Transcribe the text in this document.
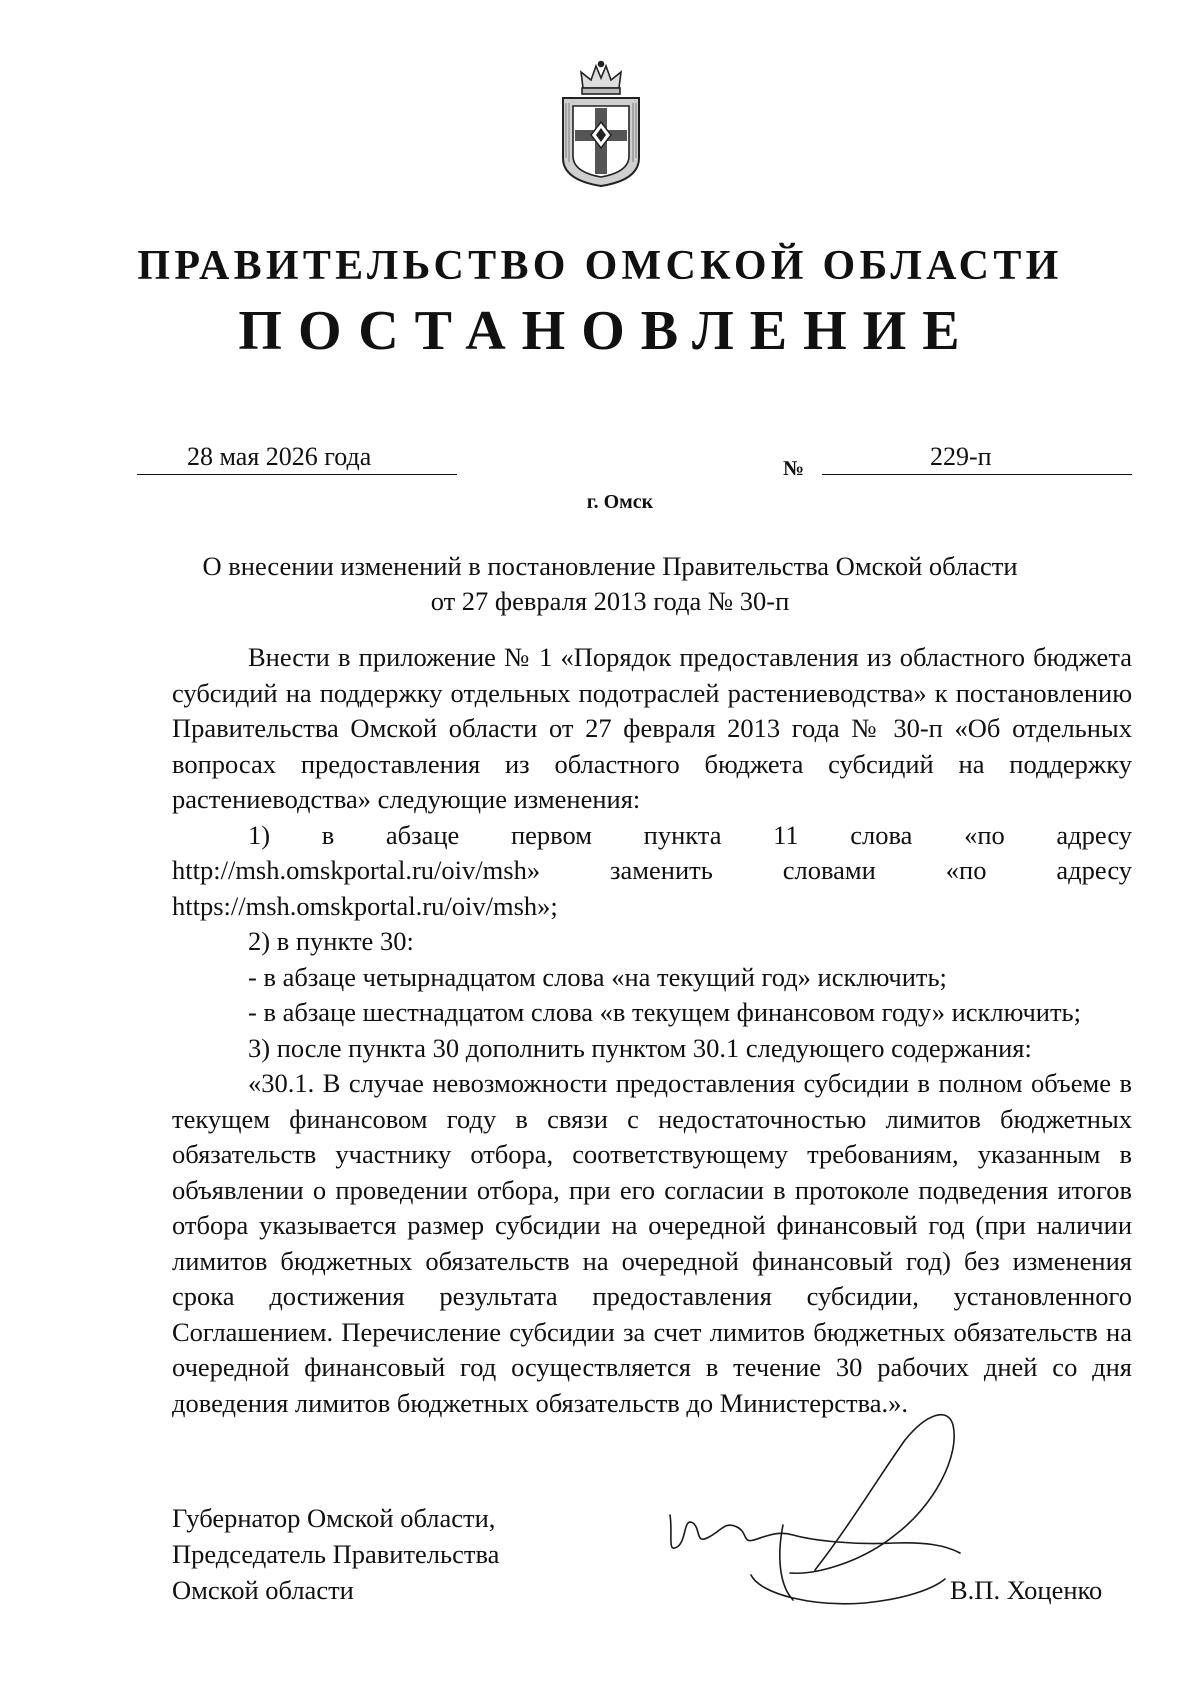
ПРАВИТЕЛЬСТВО ОМСКОЙ ОБЛАСТИ
ПОСТАНОВЛЕНИЕ
28 мая 2026 года	№	229-п
г. Омск
О внесении изменений в постановление Правительства Омской области
от 27 февраля 2013 года № 30-п

Внести в приложение № 1 «Порядок предоставления из областного бюджета субсидий на поддержку отдельных подотраслей растениеводства» к постановлению Правительства Омской области от 27 февраля 2013 года № 30-п «Об отдельных вопросах предоставления из областного бюджета субсидий на поддержку растениеводства» следующие изменения:

1) в абзаце первом пункта 11 слова «по адресу http://msh.omskportal.ru/oiv/msh» заменить словами «по адресу https://msh.omskportal.ru/oiv/msh»;

2) в пункте 30:

- в абзаце четырнадцатом слова «на текущий год» исключить;

- в абзаце шестнадцатом слова «в текущем финансовом году» исключить;

3) после пункта 30 дополнить пунктом 30.1 следующего содержания:

«30.1. В случае невозможности предоставления субсидии в полном объеме в текущем финансовом году в связи с недостаточностью лимитов бюджетных обязательств участнику отбора, соответствующему требованиям, указанным в объявлении о проведении отбора, при его согласии в протоколе подведения итогов отбора указывается размер субсидии на очередной финансовый год (при наличии лимитов бюджетных обязательств на очередной финансовый год) без изменения срока достижения результата предоставления субсидии, установленного Соглашением. Перечисление субсидии за счет лимитов бюджетных обязательств на очередной финансовый год осуществляется в течение 30 рабочих дней со дня доведения лимитов бюджетных обязательств до Министерства.».

Губернатор Омской области,
Председатель Правительства
Омской области	В.П. Хоценко
